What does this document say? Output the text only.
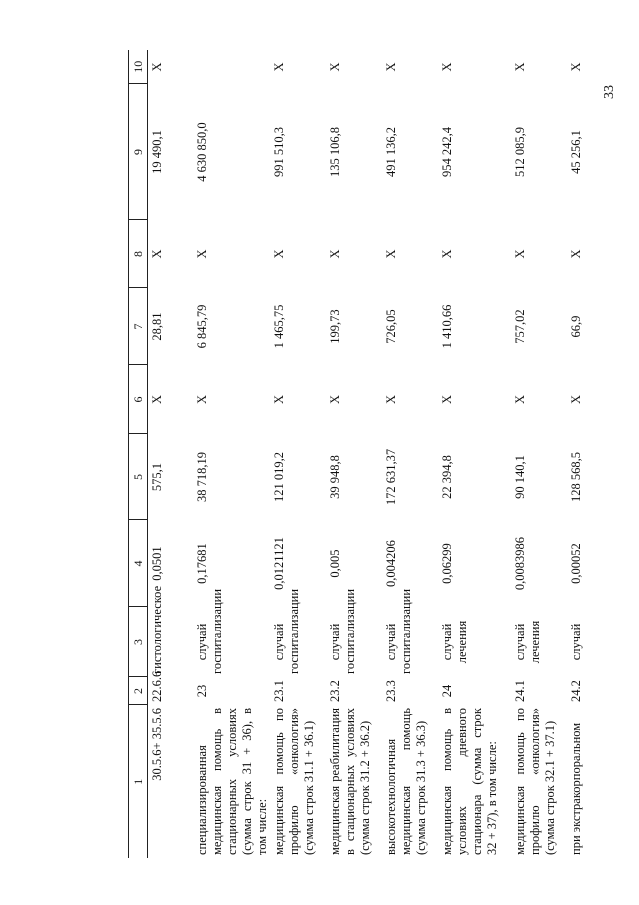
33
1	2	3	4	5	6	7	8	9	10
30.5.6+ 35.5.6	22.6.6	гистологическое	0,0501	575,1	Х	28,81	Х	19 490,1	Х
специализированная медицинская помощь в стационарных условиях (сумма строк 31 + 36), в том числе:	23	случай госпитализации	0,17681	38 718,19	Х	6 845,79	Х	4 630 850,0	
медицинская помощь по профилю «онкология» (сумма строк 31.1 + 36.1)	23.1	случай госпитализации	0,0121121	121 019,2	Х	1 465,75	Х	991 510,3	Х
медицинская реабилитация в стационарных условиях (сумма строк 31.2 + 36.2)	23.2	случай госпитализации	0,005	39 948,8	Х	199,73	Х	135 106,8	Х
высокотехнологичная медицинская помощь (сумма строк 31.3 + 36.3)	23.3	случай госпитализации	0,004206	172 631,37	Х	726,05	Х	491 136,2	Х
медицинская помощь в условиях дневного стационара (сумма строк 32 + 37), в том числе:	24	случай лечения	0,06299	22 394,8	Х	1 410,66	Х	954 242,4	Х
медицинская помощь по профилю «онкология» (сумма строк 32.1 + 37.1)	24.1	случай лечения	0,0083986	90 140,1	Х	757,02	Х	512 085,9	Х
при экстракорпоральном	24.2	случай	0,00052	128 568,5	Х	66,9	Х	45 256,1	Х
